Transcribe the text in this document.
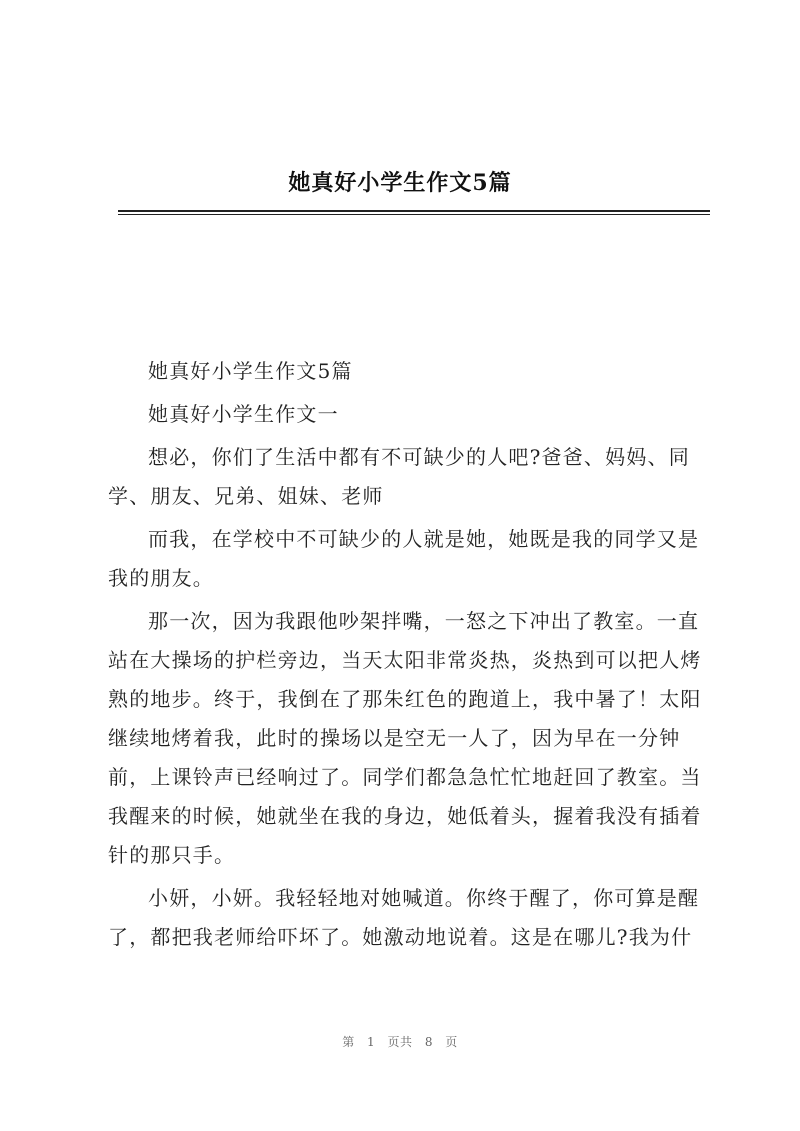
她真好小学生作文5篇

她真好小学生作文5篇

她真好小学生作文一

想必，你们了生活中都有不可缺少的人吧?爸爸、妈妈、同学、朋友、兄弟、姐妹、老师

而我，在学校中不可缺少的人就是她，她既是我的同学又是我的朋友。

那一次，因为我跟他吵架拌嘴，一怒之下冲出了教室。一直站在大操场的护栏旁边，当天太阳非常炎热，炎热到可以把人烤熟的地步。终于，我倒在了那朱红色的跑道上，我中暑了！太阳继续地烤着我，此时的操场以是空无一人了，因为早在一分钟前，上课铃声已经响过了。同学们都急急忙忙地赶回了教室。当我醒来的时候，她就坐在我的身边，她低着头，握着我没有插着针的那只手。

小妍，小妍。我轻轻地对她喊道。你终于醒了，你可算是醒了，都把我老师给吓坏了。她激动地说着。这是在哪儿?我为什

第 1 页共 8 页
